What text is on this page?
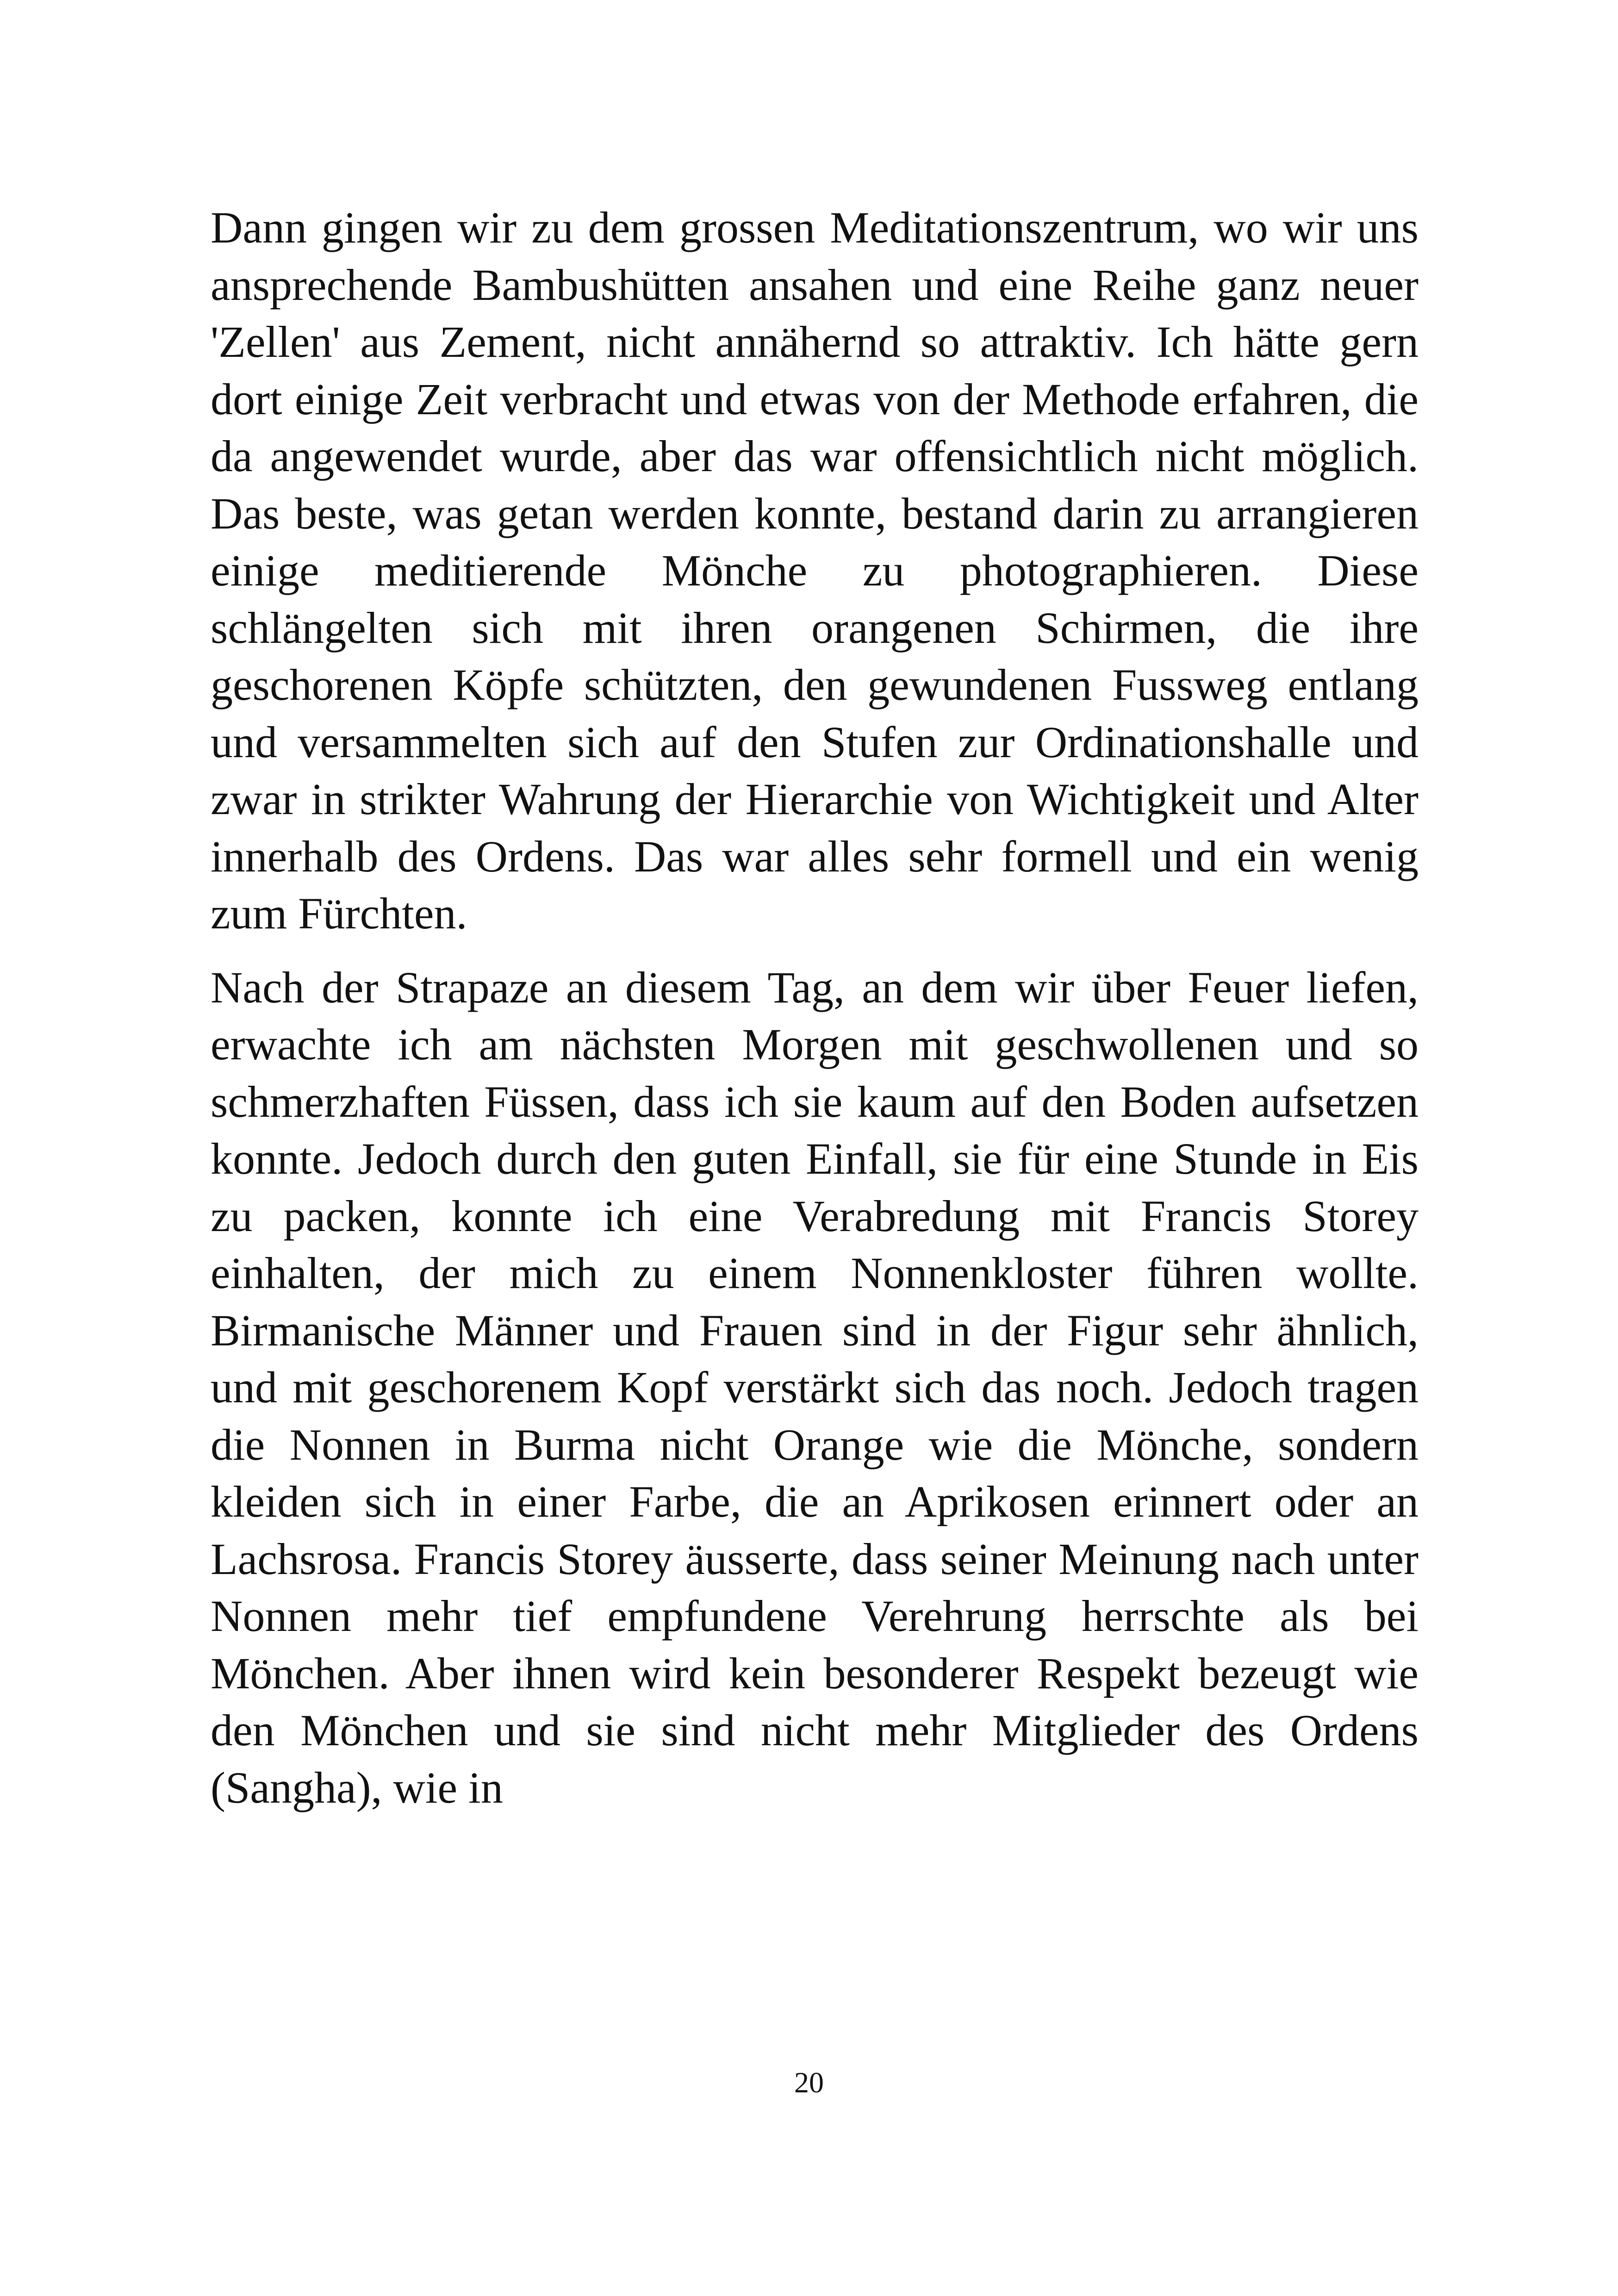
Dann gingen wir zu dem grossen Meditationszentrum, wo wir uns ansprechende Bambushütten ansahen und eine Reihe ganz neuer 'Zellen' aus Zement, nicht annähernd so attraktiv. Ich hätte gern dort einige Zeit verbracht und etwas von der Methode erfahren, die da angewendet wurde, aber das war offensichtlich nicht möglich. Das beste, was getan werden konnte, bestand darin zu arrangieren einige meditierende Mönche zu photographieren. Diese schlängelten sich mit ihren orangenen Schirmen, die ihre geschorenen Köpfe schützten, den gewundenen Fussweg entlang und versammelten sich auf den Stufen zur Ordinationshalle und zwar in strikter Wahrung der Hierarchie von Wichtigkeit und Alter innerhalb des Ordens. Das war alles sehr formell und ein wenig zum Fürchten.

Nach der Strapaze an diesem Tag, an dem wir über Feuer liefen, erwachte ich am nächsten Morgen mit geschwollenen und so schmerzhaften Füssen, dass ich sie kaum auf den Boden aufsetzen konnte. Jedoch durch den guten Einfall, sie für eine Stunde in Eis zu packen, konnte ich eine Verabredung mit Francis Storey einhalten, der mich zu einem Nonnenkloster führen wollte. Birmanische Männer und Frauen sind in der Figur sehr ähnlich, und mit geschorenem Kopf verstärkt sich das noch. Jedoch tragen die Nonnen in Burma nicht Orange wie die Mönche, sondern kleiden sich in einer Farbe, die an Aprikosen erinnert oder an Lachsrosa. Francis Storey äusserte, dass seiner Meinung nach unter Nonnen mehr tief empfundene Verehrung herrschte als bei Mönchen. Aber ihnen wird kein besonderer Respekt bezeugt wie den Mönchen und sie sind nicht mehr Mitglieder des Ordens (Sangha), wie in

20
